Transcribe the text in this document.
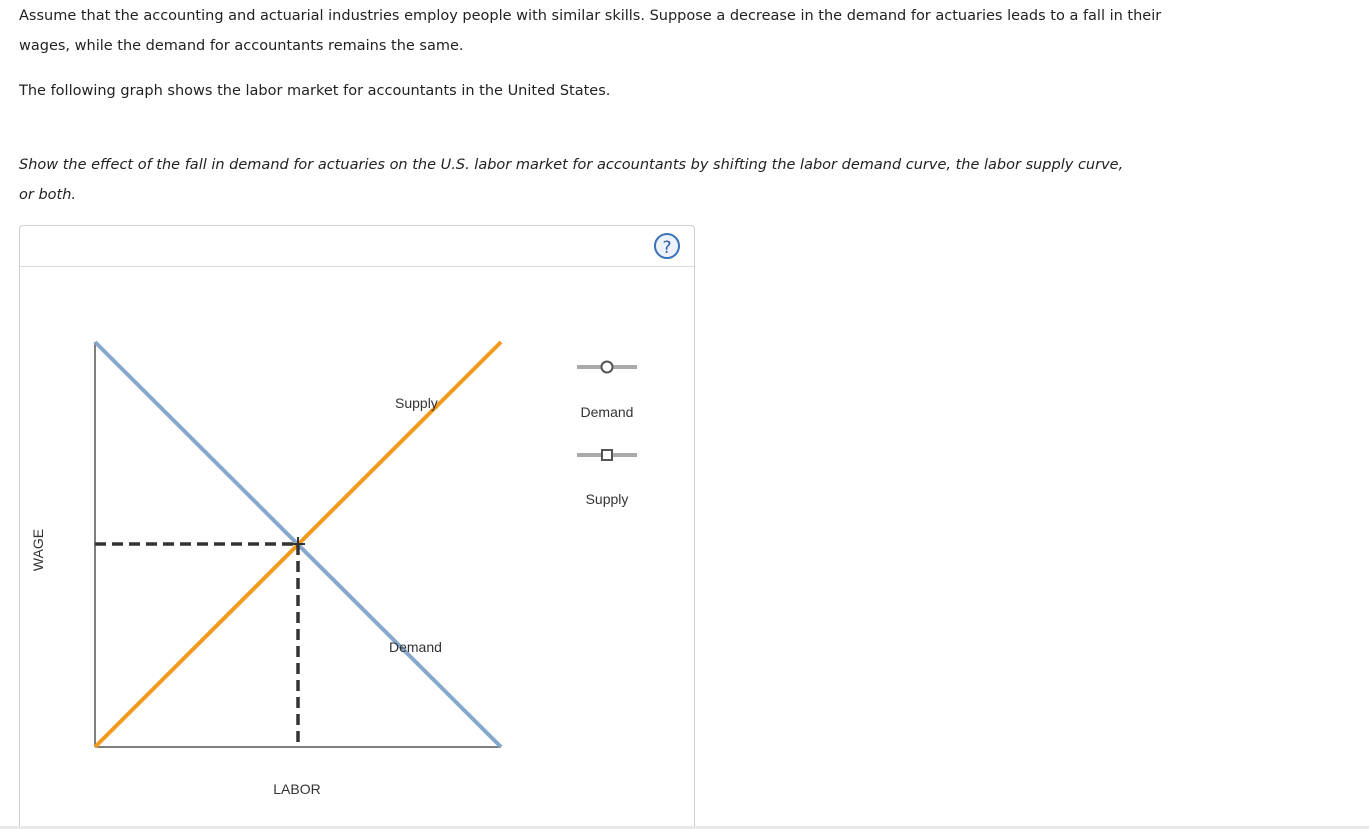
Assume that the accounting and actuarial industries employ people with similar skills. Suppose a decrease in the demand for actuaries leads to a fall in their wages, while the demand for accountants remains the same.

The following graph shows the labor market for accountants in the United States.

Show the effect of the fall in demand for actuaries on the U.S. labor market for accountants by shifting the labor demand curve, the labor supply curve, or both.

?
WAGE
LABOR
Supply
Demand
Demand
Supply
